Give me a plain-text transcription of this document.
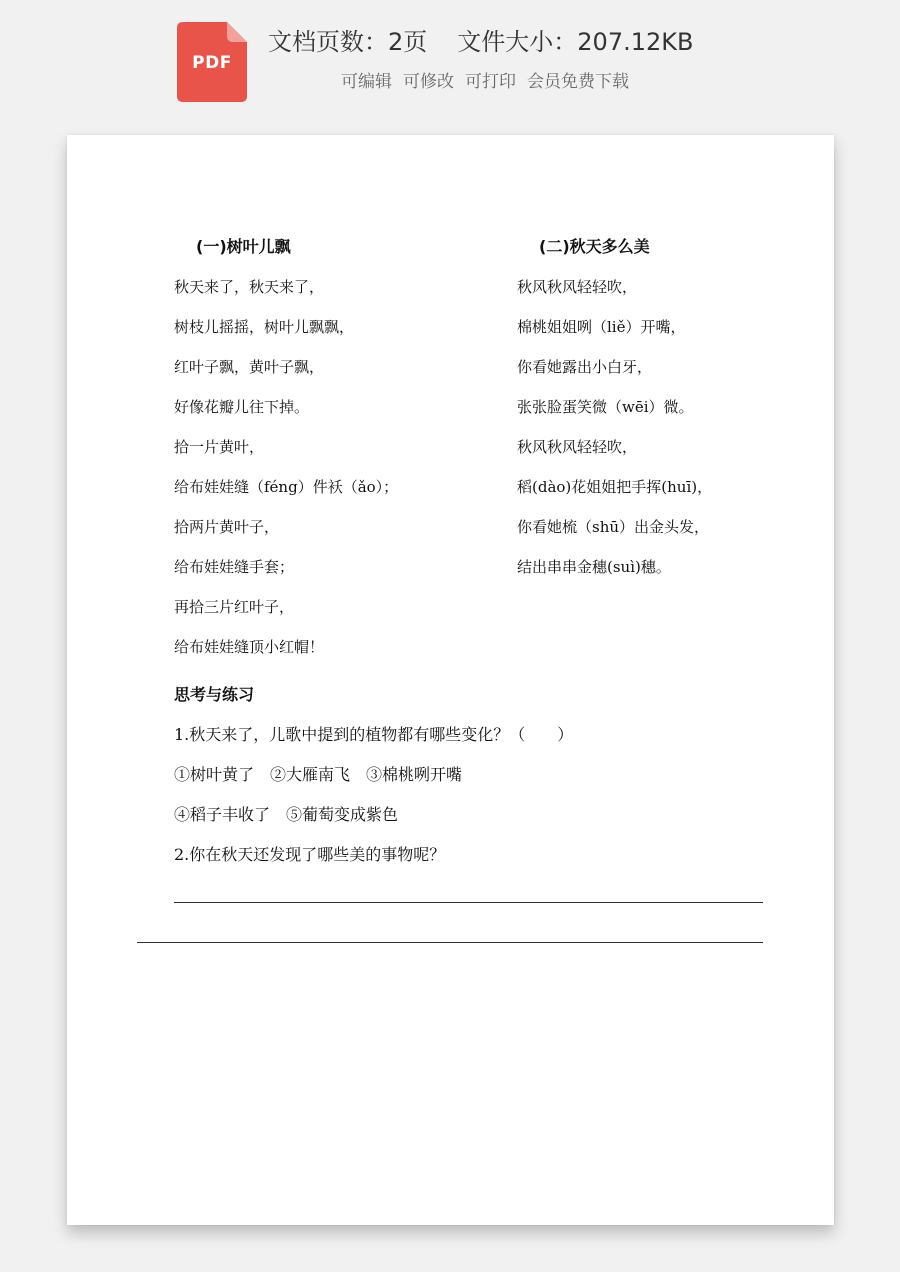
PDF
文档页数：2页 文件大小：207.12KB
可编辑 可修改 可打印 会员免费下载
(一)树叶儿飘
秋天来了，秋天来了，
树枝儿摇摇，树叶儿飘飘，
红叶子飘，黄叶子飘，
好像花瓣儿往下掉。
拾一片黄叶，
给布娃娃缝（féng）件袄（ǎo）；
拾两片黄叶子，
给布娃娃缝手套；
再拾三片红叶子，
给布娃娃缝顶小红帽！
(二)秋天多么美
秋风秋风轻轻吹，
棉桃姐姐咧（liě）开嘴，
你看她露出小白牙，
张张脸蛋笑微（wēi）微。
秋风秋风轻轻吹，
稻(dào)花姐姐把手挥(huī)，
你看她梳（shū）出金头发，
结出串串金穗(suì)穗。
思考与练习
1.秋天来了，儿歌中提到的植物都有哪些变化？（　　）
①树叶黄了　②大雁南飞　③棉桃咧开嘴
④稻子丰收了　⑤葡萄变成紫色
2.你在秋天还发现了哪些美的事物呢？
